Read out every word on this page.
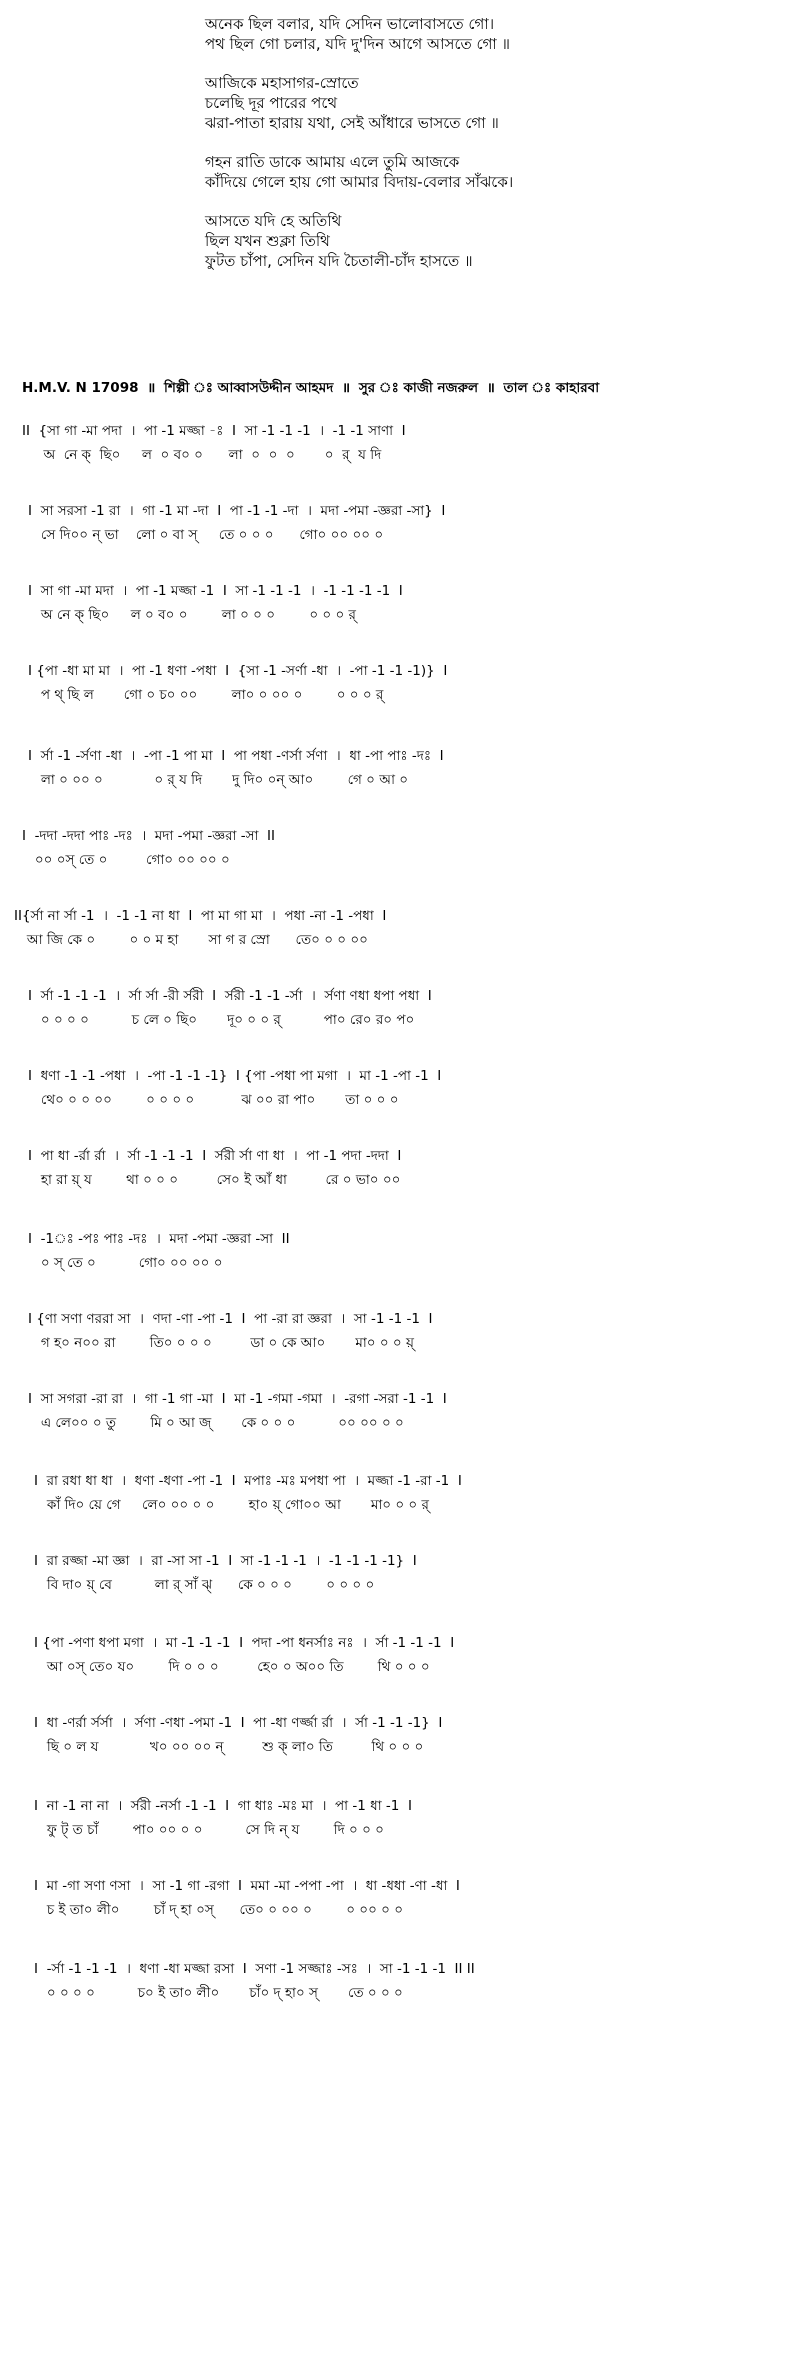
অনেক ছিল বলার, যদি সেদিন ভালোবাসতে গো।
পথ ছিল গো চলার, যদি দু'দিন আগে আসতে গো ॥
আজিকে মহাসাগর-স্রোতে
চলেছি দূর পারের পথে
ঝরা-পাতা হারায় যথা, সেই আঁধারে ভাসতে গো ॥
গহন রাতি ডাকে আমায় এলে তুমি আজকে
কাঁদিয়ে গেলে হায় গো আমার বিদায়-বেলার সাঁঝকে।
আসতে যদি হে অতিথি
ছিল যখন শুক্লা তিথি
ফুটত চাঁপা, সেদিন যদি চৈতালী-চাঁদ হাসতে ॥
H.M.V. N 17098 ॥ শিল্পী ঃ আব্বাসউদ্দীন আহমদ ॥ সুর ঃ কাজী নজরুল ॥ তাল ঃ কাহারবা
II  {সা গা -মা পদা  ।  পা -1 মজ্জা -ঃ  I  সা -1 -1 -1  ।  -1 -1 সাণা  I
অ  নে ক্  ছি০     ল  ০ ব০ ০      লা  ০  ০  ০       ০  র্  য দি
I  সা সরসা -1 রা  ।  গা -1 মা -দা  I  পা -1 -1 -দা  ।  মদা -পমা -জ্ঞরা -সা}  I
সে দি০০ ন্ ভা    লো ০ বা স্     তে ০ ০ ০      গো০ ০০ ০০ ০
I  সা গা -মা মদা  ।  পা -1 মজ্জা -1  I  সা -1 -1 -1  ।  -1 -1 -1 -1  I
অ নে ক্ ছি০     ল ০ ব০ ০        লা ০ ০ ০        ০ ০ ০ র্
I {পা -ধা মা মা  ।  পা -1 ধণা -পধা  I  {সা -1 -সর্ণা -ধা  ।  -পা -1 -1 -1)}  I
প থ্ ছি ল       গো ০ চ০ ০০        লা০ ০ ০০ ০        ০ ০ ০ র্
I  র্সা -1 -র্সণা -ধা  ।  -পা -1 পা মা  I  পা পধা -ণর্সা র্সণা  ।  ধা -পা পাঃ -দঃ  I
লা ০ ০০ ০            ০ র্ য দি       দু দি০ ০ন্ আ০        গে ০ আ ০
I  -দদা -দদা পাঃ -দঃ  ।  মদা -পমা -জ্ঞরা -সা  II
০০ ০স্ তে ০         গো০ ০০ ০০ ০
II{র্সা না র্সা -1  ।  -1 -1 না ধা  I  পা মা গা মা  ।  পধা -না -1 -পধা  I
আ জি কে ০        ০ ০ ম হা       সা গ র স্রো      তে০ ০ ০ ০০
I  র্সা -1 -1 -1  ।  র্সা র্সা -রী র্সরী  I  র্সরী -1 -1 -র্সা  ।  র্সণা ণধা ধপা পধা  I
০ ০ ০ ০          চ লে ০ ছি০       দূ০ ০ ০ র্          পা০ রে০ র০ প০
I  ধণা -1 -1 -পধা  ।  -পা -1 -1 -1}  I {পা -পধা পা মগা  ।  মা -1 -পা -1  I
থে০ ০ ০ ০০        ০ ০ ০ ০           ঝ ০০ রা পা০       তা ০ ০ ০
I  পা ধা -র্রা র্রা  ।  র্সা -1 -1 -1  I  র্সরী র্সা ণা ধা  ।  পা -1 পদা -দদা  I
হা রা য়্ য        থা ০ ০ ০         সে০ ই আঁ ধা         রে ০ ভা০ ০০
I  -1ঃ -পঃ পাঃ -দঃ  ।  মদা -পমা -জ্ঞরা -সা  II
০ স্ তে ০          গো০ ০০ ০০ ০
I {ণা সণা ণররা সা  ।  ণদা -ণা -পা -1  I  পা -রা রা জ্ঞরা  ।  সা -1 -1 -1  I
গ হ০ ন০০ রা        তি০ ০ ০ ০         ডা ০ কে আ০       মা০ ০ ০ য়্
I  সা সগরা -রা রা  ।  গা -1 গা -মা  I  মা -1 -গমা -গমা  ।  -রগা -সরা -1 -1  I
এ লে০০ ০ তু        মি ০ আ জ্       কে ০ ০ ০          ০০ ০০ ০ ০
I  রা রধা ধা ধা  ।  ধণা -ধণা -পা -1  I  মপাঃ -মঃ মপধা পা  ।  মজ্জা -1 -রা -1  I
কাঁ দি০ য়ে গে     লে০ ০০ ০ ০        হা০ য়্ গো০০ আ       মা০ ০ ০ র্
I  রা রজ্জা -মা জ্ঞা  ।  রা -সা সা -1  I  সা -1 -1 -1  ।  -1 -1 -1 -1}  I
বি দা০ য়্ বে          লা র্ সাঁ ঝ্      কে ০ ০ ০        ০ ০ ০ ০
I {পা -পণা ধপা মগা  ।  মা -1 -1 -1  I  পদা -পা ধনর্সাঃ নঃ  ।  র্সা -1 -1 -1  I
আ ০স্ তে০ য০        দি ০ ০ ০         হে০ ০ অ০০ তি        থি ০ ০ ০
I  ধা -ণর্রা র্সর্সা  ।  র্সণা -ণধা -পমা -1  I  পা -ধা ণর্জ্জা র্রা  ।  র্সা -1 -1 -1}  I
ছি ০ ল য            খ০ ০০ ০০ ন্         শু ক্ লা০ তি         থি ০ ০ ০
I  না -1 না না  ।  র্সরী -নর্সা -1 -1  I  গা ধাঃ -মঃ মা  ।  পা -1 ধা -1  I
ফু ট্ ত চাঁ        পা০ ০০ ০ ০          সে দি ন্ য        দি ০ ০ ০
I  মা -গা সণা ণসা  ।  সা -1 গা -রগা  I  মমা -মা -পপা -পা  ।  ধা -ধধা -ণা -ধা  I
চ ই তা০ লী০        চাঁ দ্ হা ০স্      তে০ ০ ০০ ০        ০ ০০ ০ ০
I  -র্সা -1 -1 -1  ।  ধণা -ধা মজ্জা রসা  I  সণা -1 সজ্জাঃ -সঃ  ।  সা -1 -1 -1  II II
০ ০ ০ ০          চ০ ই তা০ লী০       চাঁ০ দ্ হা০ স্       তে ০ ০ ০
